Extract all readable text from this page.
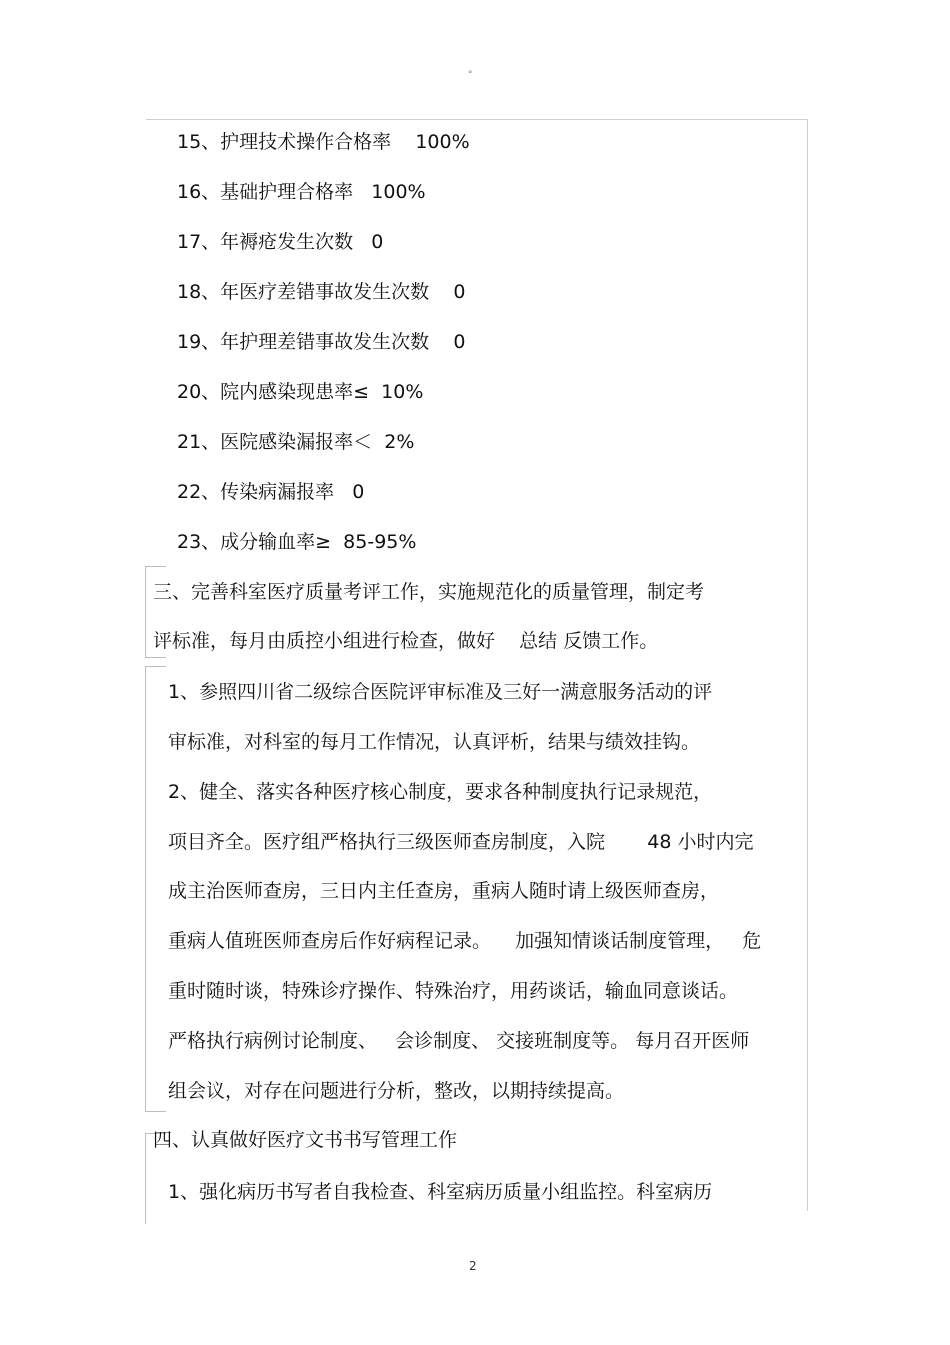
°
15、护理技术操作合格率    100%
16、基础护理合格率   100%
17、年褥疮发生次数   0
18、年医疗差错事故发生次数    0
19、年护理差错事故发生次数    0
20、院内感染现患率≤  10%
21、医院感染漏报率＜  2%
22、传染病漏报率   0
23、成分输血率≥  85-95%
三、完善科室医疗质量考评工作，实施规范化的质量管理，制定考
评标准，每月由质控小组进行检查，做好    总结 反馈工作。
1、参照四川省二级综合医院评审标准及三好一满意服务活动的评
审标准，对科室的每月工作情况，认真评析，结果与绩效挂钩。
2、健全、落实各种医疗核心制度，要求各种制度执行记录规范，
项目齐全。医疗组严格执行三级医师查房制度，入院       48 小时内完
成主治医师查房，三日内主任查房，重病人随时请上级医师查房，
重病人值班医师查房后作好病程记录。    加强知情谈话制度管理，   危
重时随时谈，特殊诊疗操作、特殊治疗，用药谈话，输血同意谈话。
严格执行病例讨论制度、   会诊制度、 交接班制度等。 每月召开医师
组会议，对存在问题进行分析，整改，以期持续提高。
四、认真做好医疗文书书写管理工作
1、强化病历书写者自我检查、科室病历质量小组监控。科室病历
2
